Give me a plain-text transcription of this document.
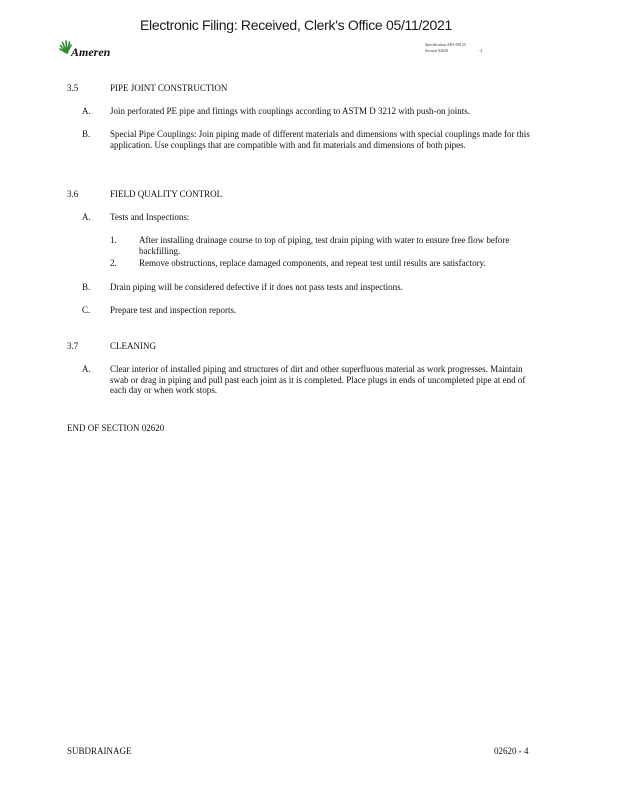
Electronic Filing: Received, Clerk's Office 05/11/2021
Ameren
Specification AES-00123
Section 02620	- 4
3.5	PIPE JOINT CONSTRUCTION
A. Join perforated PE pipe and fittings with couplings according to ASTM D 3212 with push-on joints.
B. Special Pipe Couplings: Join piping made of different materials and dimensions with special couplings made for this application. Use couplings that are compatible with and fit materials and dimensions of both pipes.
3.6	FIELD QUALITY CONTROL
A. Tests and Inspections:
1. After installing drainage course to top of piping, test drain piping with water to ensure free flow before backfilling.
2. Remove obstructions, replace damaged components, and repeat test until results are satisfactory.
B. Drain piping will be considered defective if it does not pass tests and inspections.
C. Prepare test and inspection reports.
3.7	CLEANING
A. Clear interior of installed piping and structures of dirt and other superfluous material as work progresses. Maintain swab or drag in piping and pull past each joint as it is completed. Place plugs in ends of uncompleted pipe at end of each day or when work stops.
END OF SECTION 02620
SUBDRAINAGE	02620 - 4
